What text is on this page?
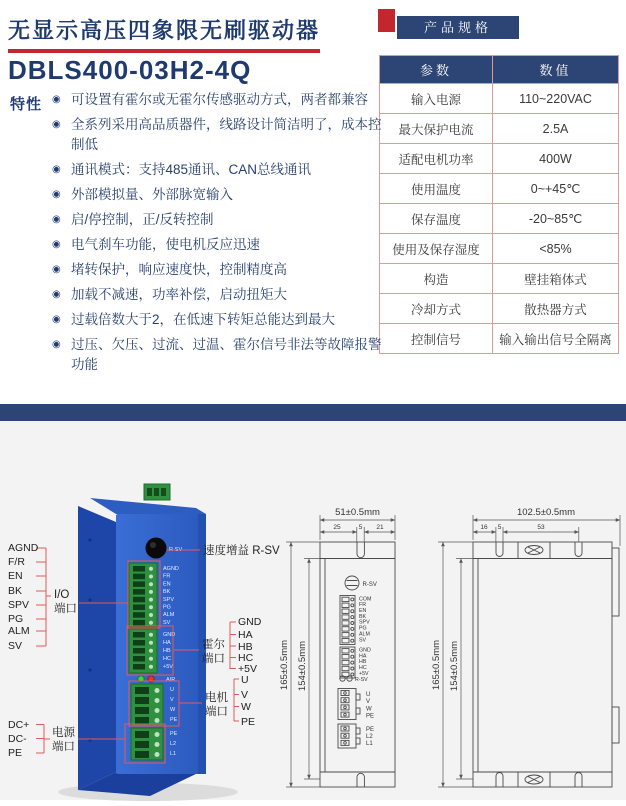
无显示高压四象限无刷驱动器
DBLS400-03H2-4Q
产品规格
参数	数值
输入电源	110~220VAC
最大保护电流	2.5A
适配电机功率	400W
使用温度	0~+45℃
保存温度	-20~85℃
使用及保存湿度	<85%
构造	壁挂箱体式
冷却方式	散热器方式
控制信号	输入输出信号全隔离
特性 ◉ 可设置有霍尔或无霍尔传感驱动方式，两者都兼容
◉ 全系列采用高品质器件，线路设计简洁明了，成本控制低
◉ 通讯模式：支持485通讯、CAN总线通讯
◉ 外部模拟量、外部脉宽输入
◉ 启/停控制，正/反转控制
◉ 电气刹车功能，使电机反应迅速
◉ 堵转保护，响应速度快，控制精度高
◉ 加载不减速，功率补偿，启动扭矩大
◉ 过载倍数大于2，在低速下转矩总能达到最大
◉ 过压、欠压、过流、过温、霍尔信号非法等故障报警功能
R-SV
AGND
FR
EN
BK
SPV
PG
ALM
SV
GND
HA
HB
HC
+5V
AIR
U
V
W
PE
PE
L2
L1
AGND
F/R
EN
BK
SPV
PG
ALM
SV
I/O
端口
速度增益 R-SV
霍尔
端口
GND
HA
HB
HC
+5V
电机
端口
U
V
W
PE
DC+
DC-
PE
电源
端口
51±0.5mm
25	5 21
165±0.5mm 154±0.5mm
R-SV
COM
FR
EN
BK
SPV
PG
ALM
SV
GND
HA
HB
HC
+5V
R-SV
U
V
W
PE
PE
L2
L1
102.5±0.5mm
16 5	53
165±0.5mm 154±0.5mm
